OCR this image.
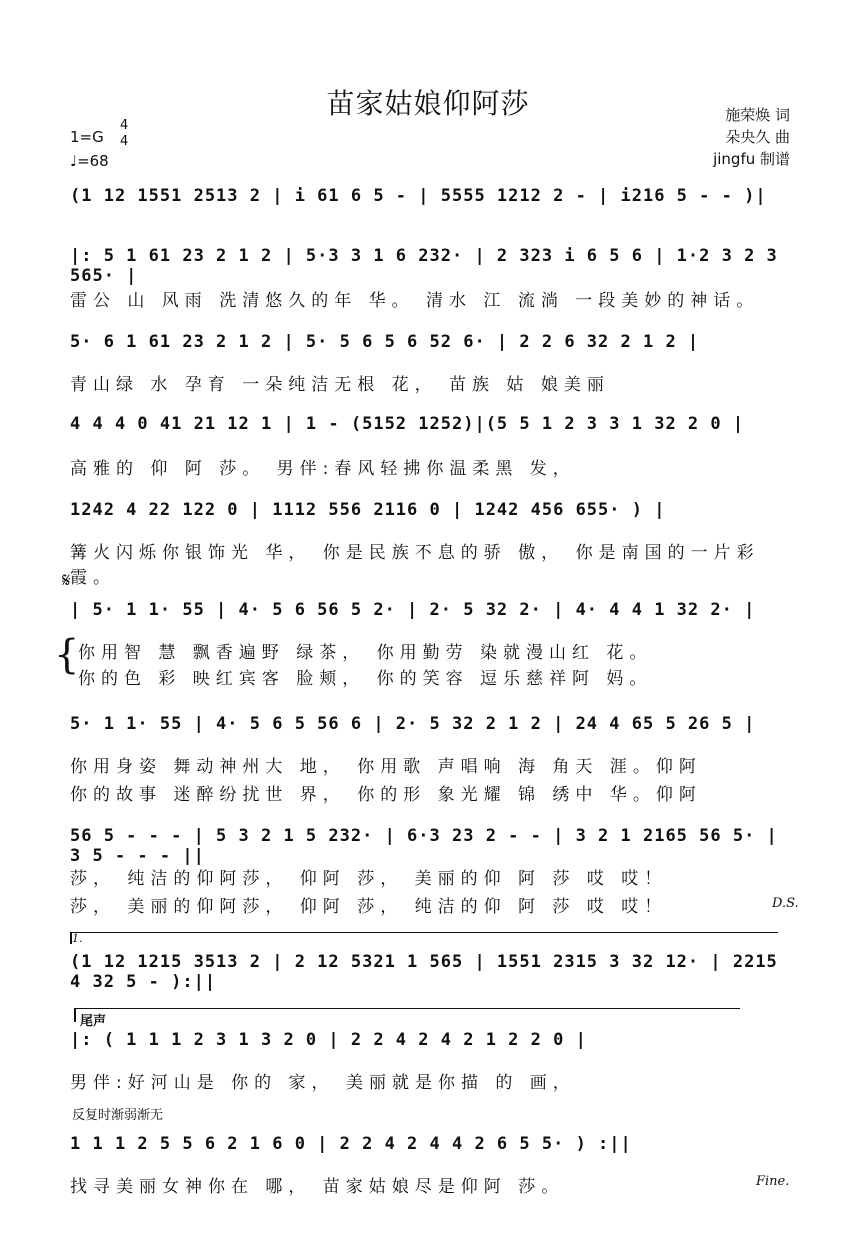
苗家姑娘仰阿莎	施荣焕 词
朵央久 曲
jingfu 制谱
1=G
4
4
♩=68
(1 12 1551 2513 2 | i 61 6 5 - | 5555 1212 2 - | i216 5 - - )|
|: 5 1 61 23 2 1 2 | 5·3 3 1 6 232· | 2 323 i 6 5 6 | 1·2 3 2 3 565· |
雷公 山 风雨 洗清悠久的年 华。 清水 江 流淌 一段美妙的神话。
5· 6 1 61 23 2 1 2 | 5· 5 6 5 6 52 6· | 2 2 6 32 2 1 2 |
青山绿 水 孕育 一朵纯洁无根 花， 苗族 姑 娘美丽
4 4 4 0 41 21 12 1 | 1 - (5152 1252)|(5 5 1 2 3 3 1 32 2 0 |
高雅的 仰 阿 莎。 男伴:春风轻拂你温柔黑 发，
1242 4 22 122 0 | 1112 556 2116 0 | 1242 456 655· ) |
篝火闪烁你银饰光 华， 你是民族不息的骄 傲， 你是南国的一片彩 霞。
𝄋
| 5· 1 1· 55 | 4· 5 6 56 5 2· | 2· 5 32 2· | 4· 4 4 1 32 2· |
{
你用智 慧 飘香遍野 绿茶， 你用勤劳 染就漫山红 花。
你的色 彩 映红宾客 脸颊， 你的笑容 逗乐慈祥阿 妈。
5· 1 1· 55 | 4· 5 6 5 56 6 | 2· 5 32 2 1 2 | 24 4 65 5 26 5 |
你用身姿 舞动神州大 地， 你用歌 声唱响 海 角天 涯。仰阿
你的故事 迷醉纷扰世 界， 你的形 象光耀 锦 绣中 华。仰阿
56 5 - - - | 5 3 2 1 5 232· | 6·3 23 2 - - | 3 2 1 2165 56 5· | 3 5 - - - ||
莎， 纯洁的仰阿莎， 仰阿 莎， 美丽的仰 阿 莎 哎 哎！
莎， 美丽的仰阿莎， 仰阿 莎， 纯洁的仰 阿 莎 哎 哎！	D.S.
1.
(1 12 1215 3513 2 | 2 12 5321 1 565 | 1551 2315 3 32 12· | 2215 4 32 5 - ):||
尾声
|: ( 1 1 1 2 3 1 3 2 0 | 2 2 4 2 4 2 1 2 2 0 |
男伴:好河山是 你的 家， 美丽就是你描 的 画，
反复时渐弱渐无
1 1 1 2 5 5 6 2 1 6 0 | 2 2 4 2 4 4 2 6 5 5· ) :||
找寻美丽女神你在 哪， 苗家姑娘尽是仰阿 莎。	Fine.
